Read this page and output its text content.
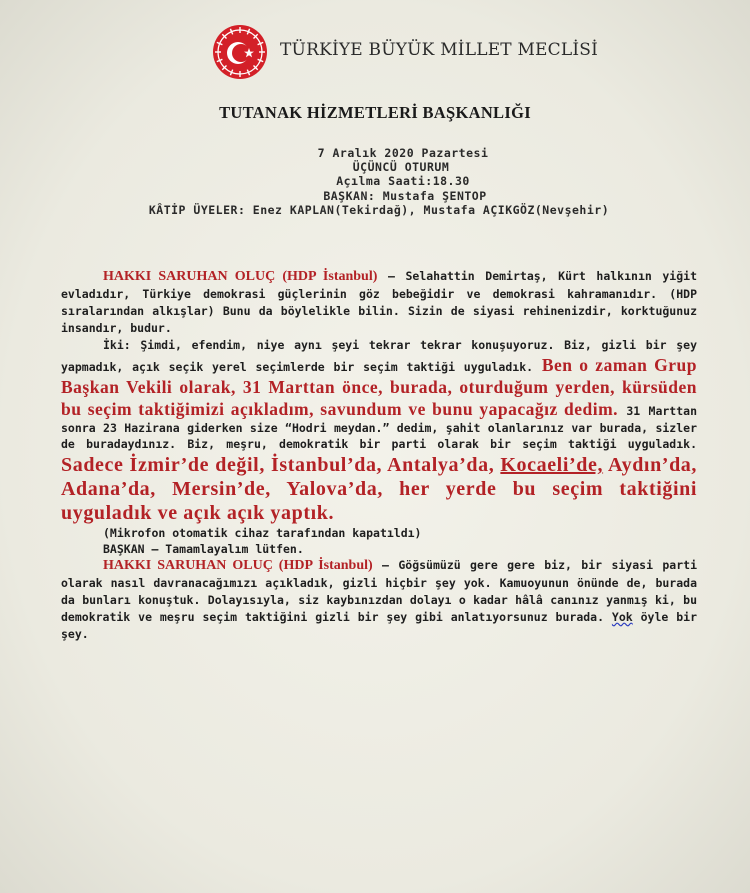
TÜRKİYE BÜYÜK MİLLET MECLİSİ
TUTANAK HİZMETLERİ BAŞKANLIĞI
7 Aralık 2020 Pazartesi
ÜÇÜNCÜ OTURUM
Açılma Saati:18.30
BAŞKAN: Mustafa ŞENTOP
KÂTİP ÜYELER: Enez KAPLAN(Tekirdağ), Mustafa AÇIKGÖZ(Nevşehir)

HAKKI SARUHAN OLUÇ (HDP İstanbul) – Selahattin Demirtaş, Kürt halkının yiğit evladıdır, Türkiye demokrasi güçlerinin göz bebeğidir ve demokrasi kahramanıdır. (HDP sıralarından alkışlar) Bunu da böylelikle bilin. Sizin de siyasi rehinenizdir, korktuğunuz insandır, budur.

İki: Şimdi, efendim, niye aynı şeyi tekrar tekrar konuşuyoruz. Biz, gizli bir şey yapmadık, açık seçik yerel seçimlerde bir seçim taktiği uyguladık. Ben o zaman Grup Başkan Vekili olarak, 31 Marttan önce, burada, oturduğum yerden, kürsüden bu seçim taktiğimizi açıkladım, savundum ve bunu yapacağız dedim. 31 Marttan sonra 23 Hazirana giderken size “Hodri meydan.” dedim, şahit olanlarınız var burada, sizler de buradaydınız. Biz, meşru, demokratik bir parti olarak bir seçim taktiği uyguladık. Sadece İzmir’de değil, İstanbul’da, Antalya’da, Kocaeli’de, Aydın’da, Adana’da, Mersin’de, Yalova’da, her yerde bu seçim taktiğini uyguladık ve açık açık yaptık.

(Mikrofon otomatik cihaz tarafından kapatıldı)

BAŞKAN – Tamamlayalım lütfen.

HAKKI SARUHAN OLUÇ (HDP İstanbul) – Göğsümüzü gere gere biz, bir siyasi parti olarak nasıl davranacağımızı açıkladık, gizli hiçbir şey yok. Kamuoyunun önünde de, burada da bunları konuştuk. Dolayısıyla, siz kaybınızdan dolayı o kadar hâlâ canınız yanmış ki, bu demokratik ve meşru seçim taktiğini gizli bir şey gibi anlatıyorsunuz burada. Yok öyle bir şey.
